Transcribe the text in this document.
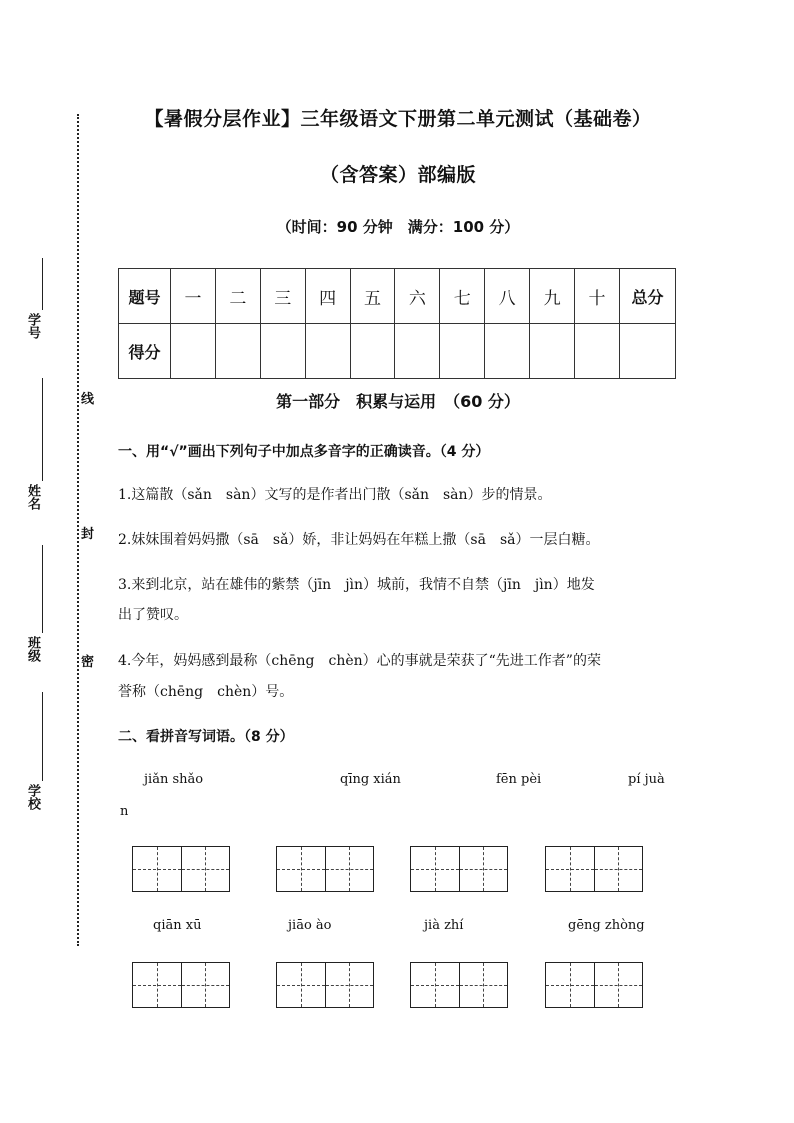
学号
姓名
班级
学校
线
封
密
【暑假分层作业】三年级语文下册第二单元测试（基础卷）
（含答案）部编版
（时间：90 分钟　满分：100 分）
题号	一	二	三	四	五	六	七	八	九	十	总分
得分											
第一部分　积累与运用　（60 分）
一、用“√”画出下列句子中加点多音字的正确读音。（4 分）
1.这篇散（sǎn　sàn）文写的是作者出门散（sǎn　sàn）步的情景。
2.妹妹围着妈妈撒（sā　sǎ）娇，非让妈妈在年糕上撒（sā　sǎ）一层白糖。
3.来到北京，站在雄伟的紫禁（jīn　jìn）城前，我情不自禁（jīn　jìn）地发
出了赞叹。
4.今年，妈妈感到最称（chēng　chèn）心的事就是荣获了“先进工作者”的荣
誉称（chēng　chèn）号。
二、看拼音写词语。（8 分）
jiǎn shǎo	qīng xián	fēn pèi	pí juà
n
qiān xū	jiāo ào	jià zhí	gēng zhòng
